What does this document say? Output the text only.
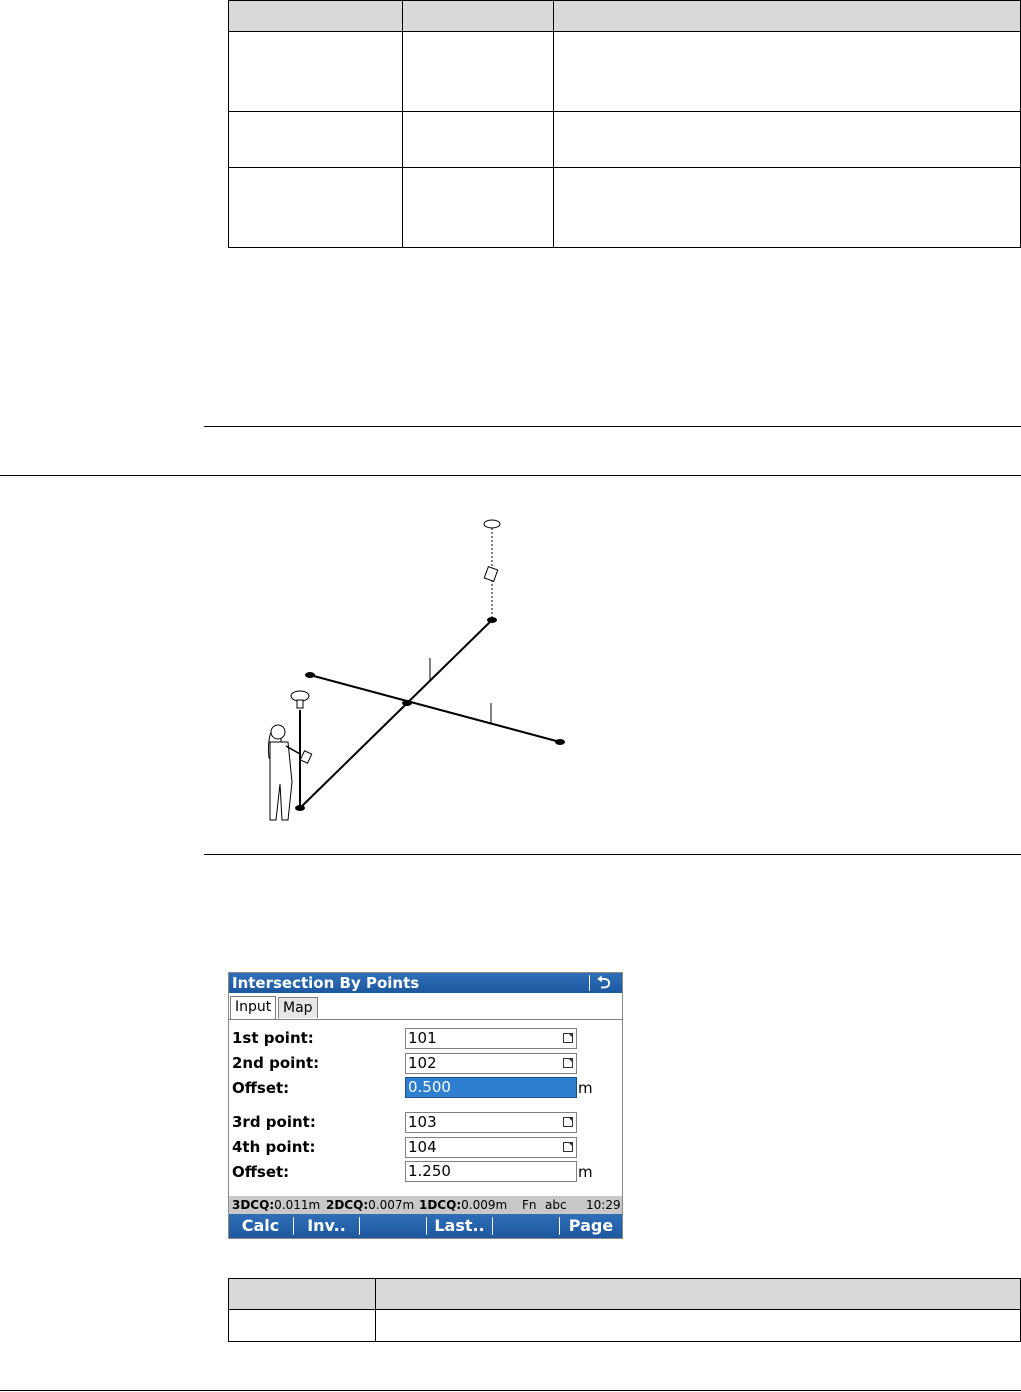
Intersection By Points	⮌
Input Map
1st point:	101
2nd point:	102
Offset:	0.500	m
3rd point:	103
4th point:	104
Offset:	1.250	m
3DCQ:0.011m 2DCQ:0.007m 1DCQ:0.009m Fn abc 10:29
Calc	Inv..	Last..	Page
